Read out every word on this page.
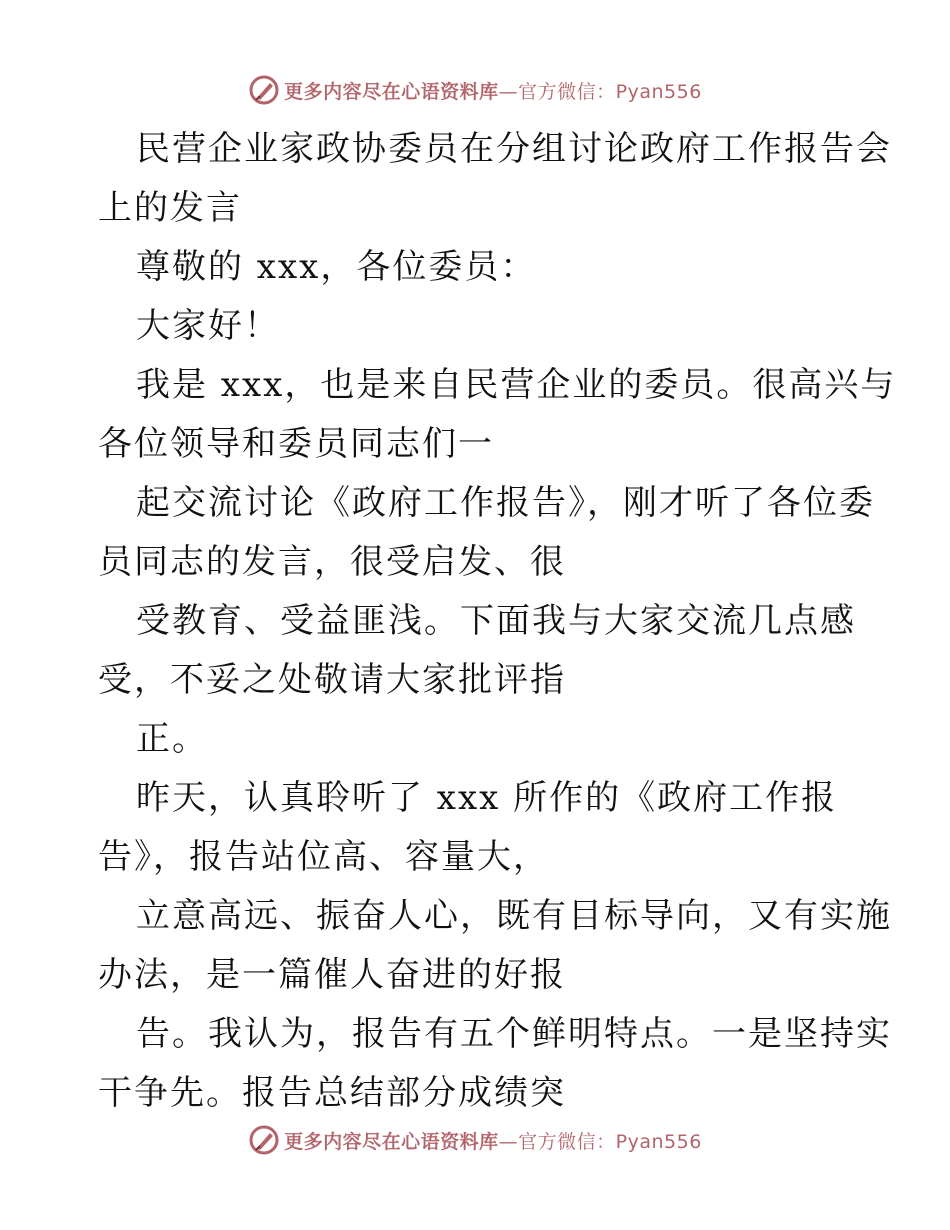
更多内容尽在心语资料库—官方微信：Pyan556
民营企业家政协委员在分组讨论政府工作报告会
上的发言
尊敬的 xxx，各位委员：
大家好！
我是 xxx，也是来自民营企业的委员。很高兴与
各位领导和委员同志们一
起交流讨论《政府工作报告》，刚才听了各位委
员同志的发言，很受启发、很
受教育、受益匪浅。下面我与大家交流几点感
受，不妥之处敬请大家批评指
正。
昨天，认真聆听了 xxx 所作的《政府工作报
告》，报告站位高、容量大，
立意高远、振奋人心，既有目标导向，又有实施
办法，是一篇催人奋进的好报
告。我认为，报告有五个鲜明特点。一是坚持实
干争先。报告总结部分成绩突
更多内容尽在心语资料库—官方微信：Pyan556
